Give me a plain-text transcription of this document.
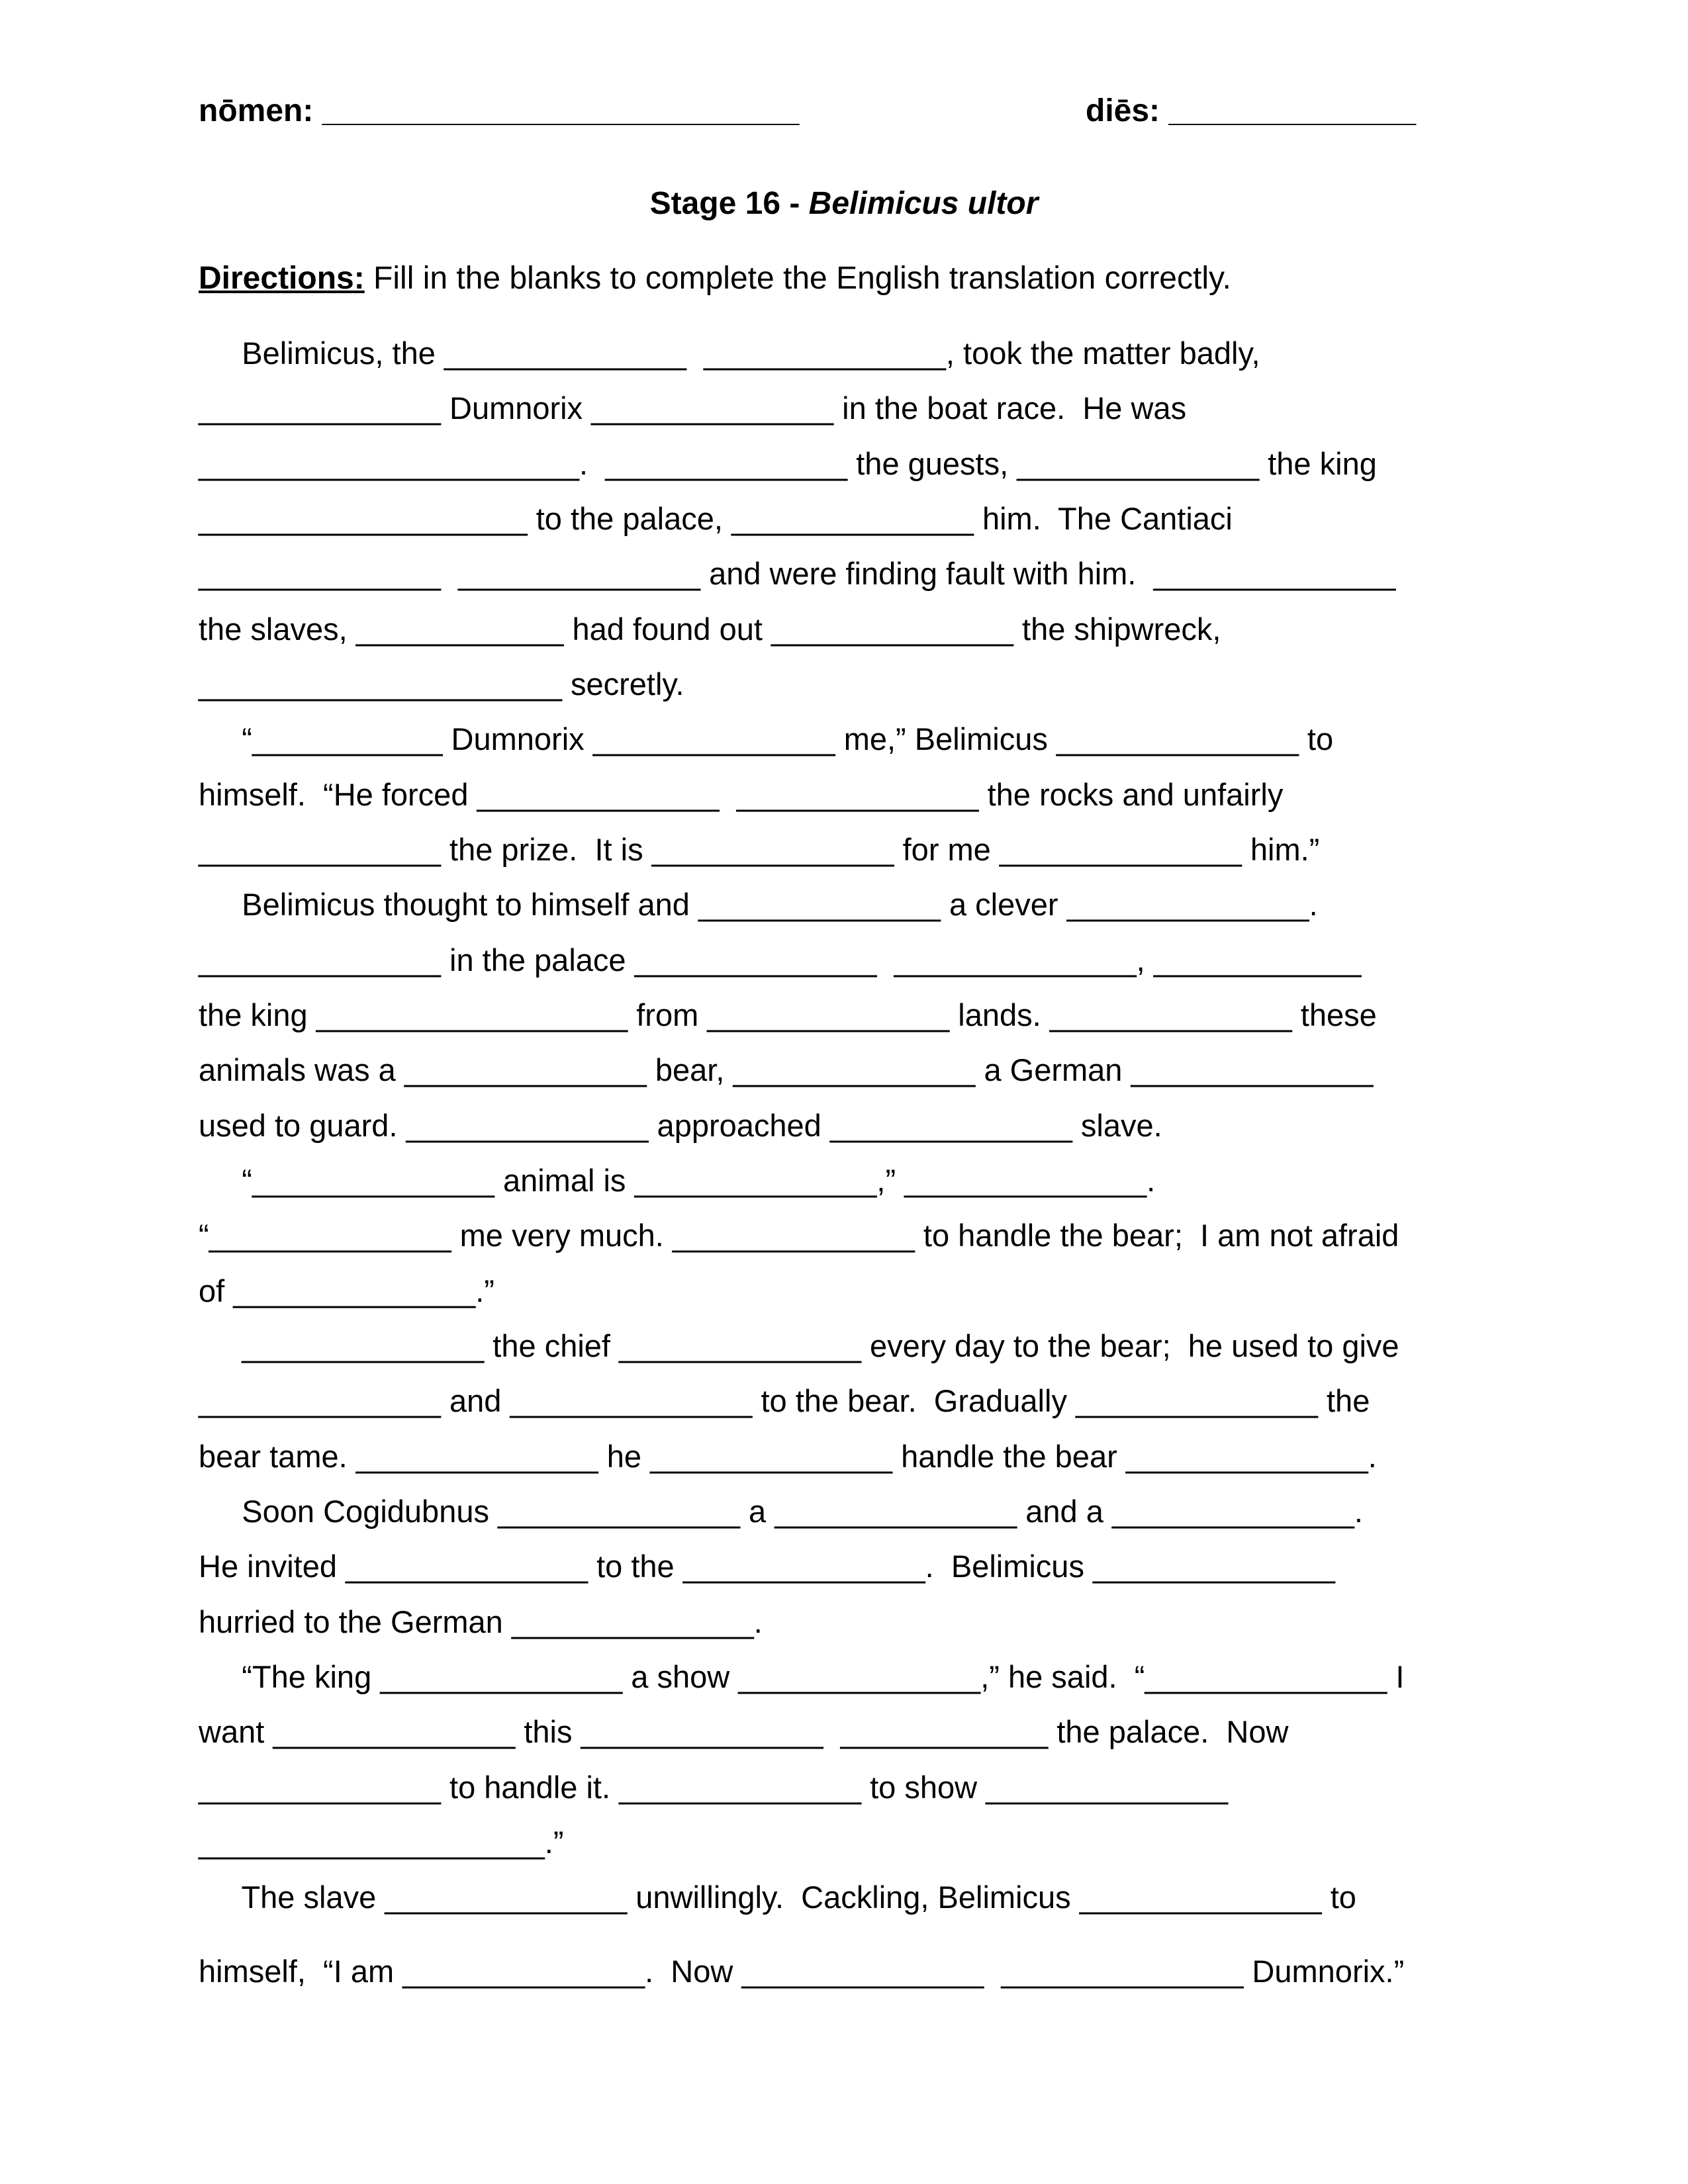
nōmen: ___________________________	diēs: ______________
Stage 16 - Belimicus ultor
Directions: Fill in the blanks to complete the English translation correctly.
Belimicus, the ______________  ______________, took the matter badly,
______________ Dumnorix ______________ in the boat race.  He was
______________________.  ______________ the guests, ______________ the king
___________________ to the palace, ______________ him.  The Cantiaci
______________  ______________ and were finding fault with him.  ______________
the slaves, ____________ had found out ______________ the shipwreck,
_____________________ secretly.
“___________ Dumnorix ______________ me,” Belimicus ______________ to
himself.  “He forced ______________  ______________ the rocks and unfairly
______________ the prize.  It is ______________ for me ______________ him.”
Belimicus thought to himself and ______________ a clever ______________.
______________ in the palace ______________  ______________, ____________
the king __________________ from ______________ lands. ______________ these
animals was a ______________ bear, ______________ a German ______________
used to guard. ______________ approached ______________ slave.
“______________ animal is ______________,” ______________.
“______________ me very much. ______________ to handle the bear;  I am not afraid
of ______________.”
______________ the chief ______________ every day to the bear;  he used to give
______________ and ______________ to the bear.  Gradually ______________ the
bear tame. ______________ he ______________ handle the bear ______________.
Soon Cogidubnus ______________ a ______________ and a ______________.
He invited ______________ to the ______________.  Belimicus ______________
hurried to the German ______________.
“The king ______________ a show ______________,” he said.  “______________ I
want ______________ this ______________  ____________ the palace.  Now
______________ to handle it. ______________ to show ______________
____________________.”
The slave ______________ unwillingly.  Cackling, Belimicus ______________ to
himself,  “I am ______________.  Now ______________  ______________ Dumnorix.”
